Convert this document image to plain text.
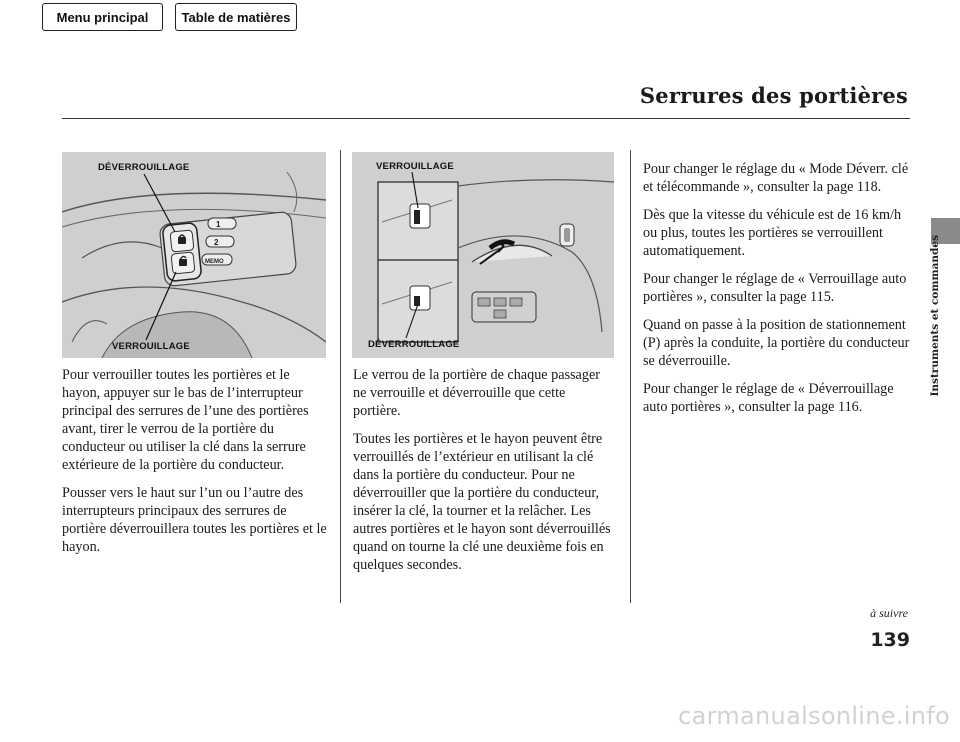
Menu principal	Table de matières
Serrures des portières
Instruments et commandes
1
2
MEMO
DÉVERROUILLAGE
VERROUILLAGE
VERROUILLAGE
DÉVERROUILLAGE

Pour verrouiller toutes les portières et le hayon, appuyer sur le bas de l’interrupteur principal des serrures de l’une des portières avant, tirer le verrou de la portière du conducteur ou utiliser la clé dans la serrure extérieure de la portière du conducteur.

Pousser vers le haut sur l’un ou l’autre des interrupteurs principaux des serrures de portière déverrouillera toutes les portières et le hayon.

Le verrou de la portière de chaque passager ne verrouille et déverrouille que cette portière.

Toutes les portières et le hayon peuvent être verrouillés de l’extérieur en utilisant la clé dans la portière du conducteur. Pour ne déverrouiller que la portière du conducteur, insérer la clé, la tourner et la relâcher. Les autres portières et le hayon sont déverrouillés quand on tourne la clé une deuxième fois en quelques secondes.

Pour changer le réglage du « Mode Déverr. clé et télécommande », consulter la page 118.

Dès que la vitesse du véhicule est de 16 km/h ou plus, toutes les portières se verrouillent automatiquement.

Pour changer le réglage de « Verrouillage auto portières », consulter la page 115.

Quand on passe à la position de stationnement (P) après la conduite, la portière du conducteur se déverrouille.

Pour changer le réglage de « Déverrouillage auto portières », consulter la page 116.

à suivre
139
carmanualsonline.info
